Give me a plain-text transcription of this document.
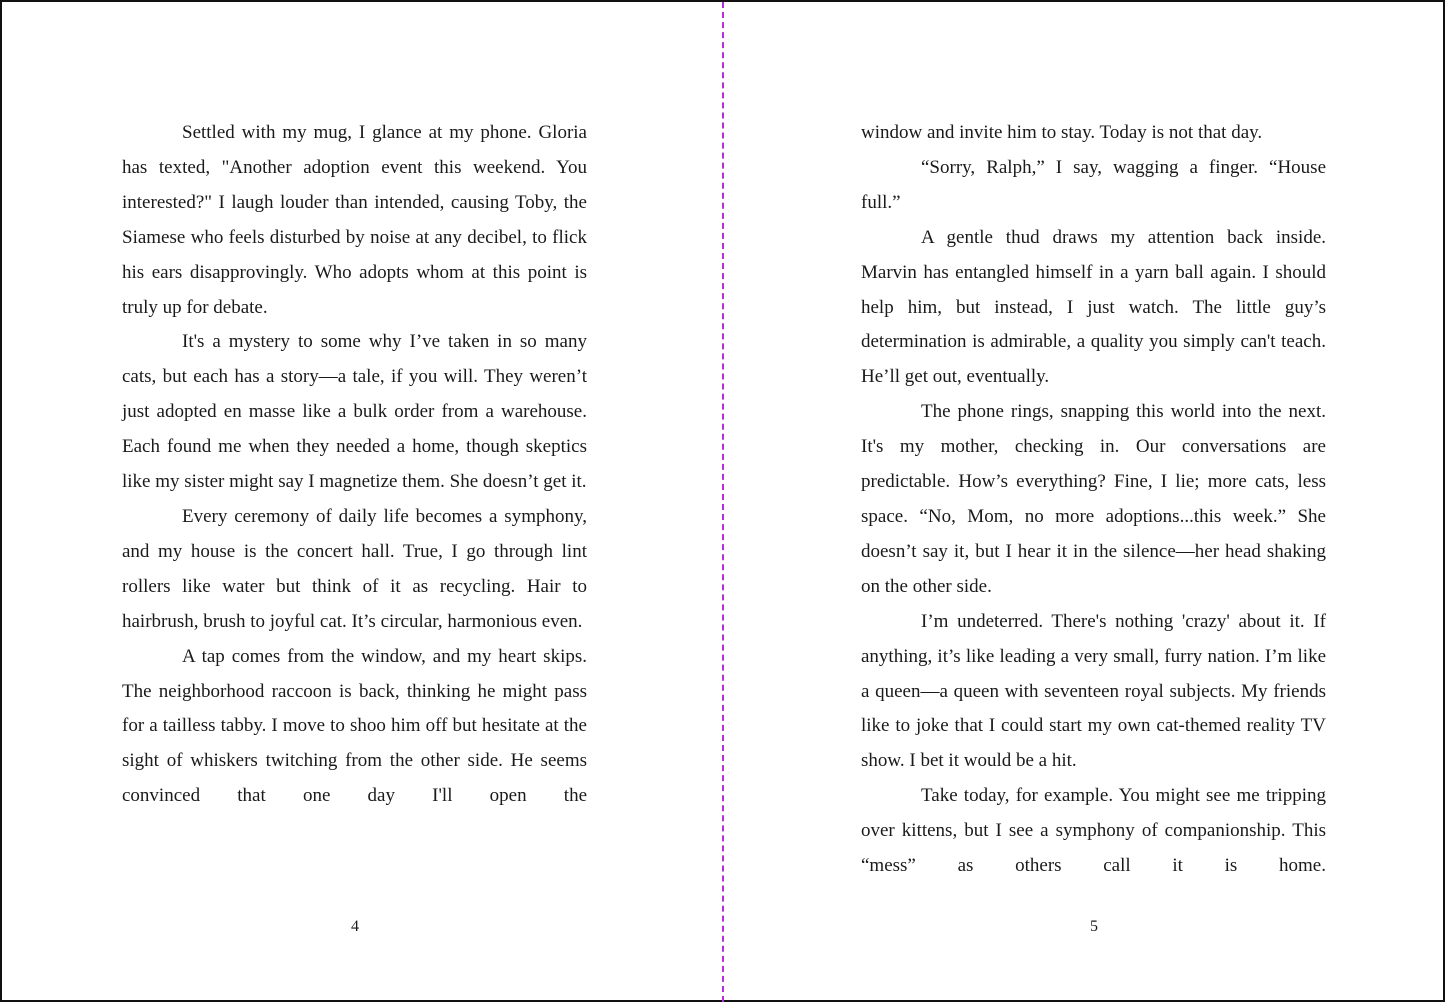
Settled with my mug, I glance at my phone. Gloria has texted, "Another adoption event this weekend. You interested?" I laugh louder than intended, causing Toby, the Siamese who feels disturbed by noise at any decibel, to flick his ears disapprovingly. Who adopts whom at this point is truly up for debate.

It's a mystery to some why I’ve taken in so many cats, but each has a story—a tale, if you will. They weren’t just adopted en masse like a bulk order from a warehouse. Each found me when they needed a home, though skeptics like my sister might say I magnetize them. She doesn’t get it.

Every ceremony of daily life becomes a symphony, and my house is the concert hall. True, I go through lint rollers like water but think of it as recycling. Hair to hairbrush, brush to joyful cat. It’s circular, harmonious even.

A tap comes from the window, and my heart skips. The neighborhood raccoon is back, thinking he might pass for a tailless tabby. I move to shoo him off but hesitate at the sight of whiskers twitching from the other side. He seems convinced that one day I'll open the

4

window and invite him to stay. Today is not that day.

“Sorry, Ralph,” I say, wagging a finger. “House full.”

A gentle thud draws my attention back inside. Marvin has entangled himself in a yarn ball again. I should help him, but instead, I just watch. The little guy’s determination is admirable, a quality you simply can't teach. He’ll get out, eventually.

The phone rings, snapping this world into the next. It's my mother, checking in. Our conversations are predictable. How’s everything? Fine, I lie; more cats, less space. “No, Mom, no more adoptions...this week.” She doesn’t say it, but I hear it in the silence—her head shaking on the other side.

I’m undeterred. There's nothing 'crazy' about it. If anything, it’s like leading a very small, furry nation. I’m like a queen—a queen with seventeen royal subjects. My friends like to joke that I could start my own cat-themed reality TV show. I bet it would be a hit.

Take today, for example. You might see me tripping over kittens, but I see a symphony of companionship. This “mess” as others call it is home.

5
